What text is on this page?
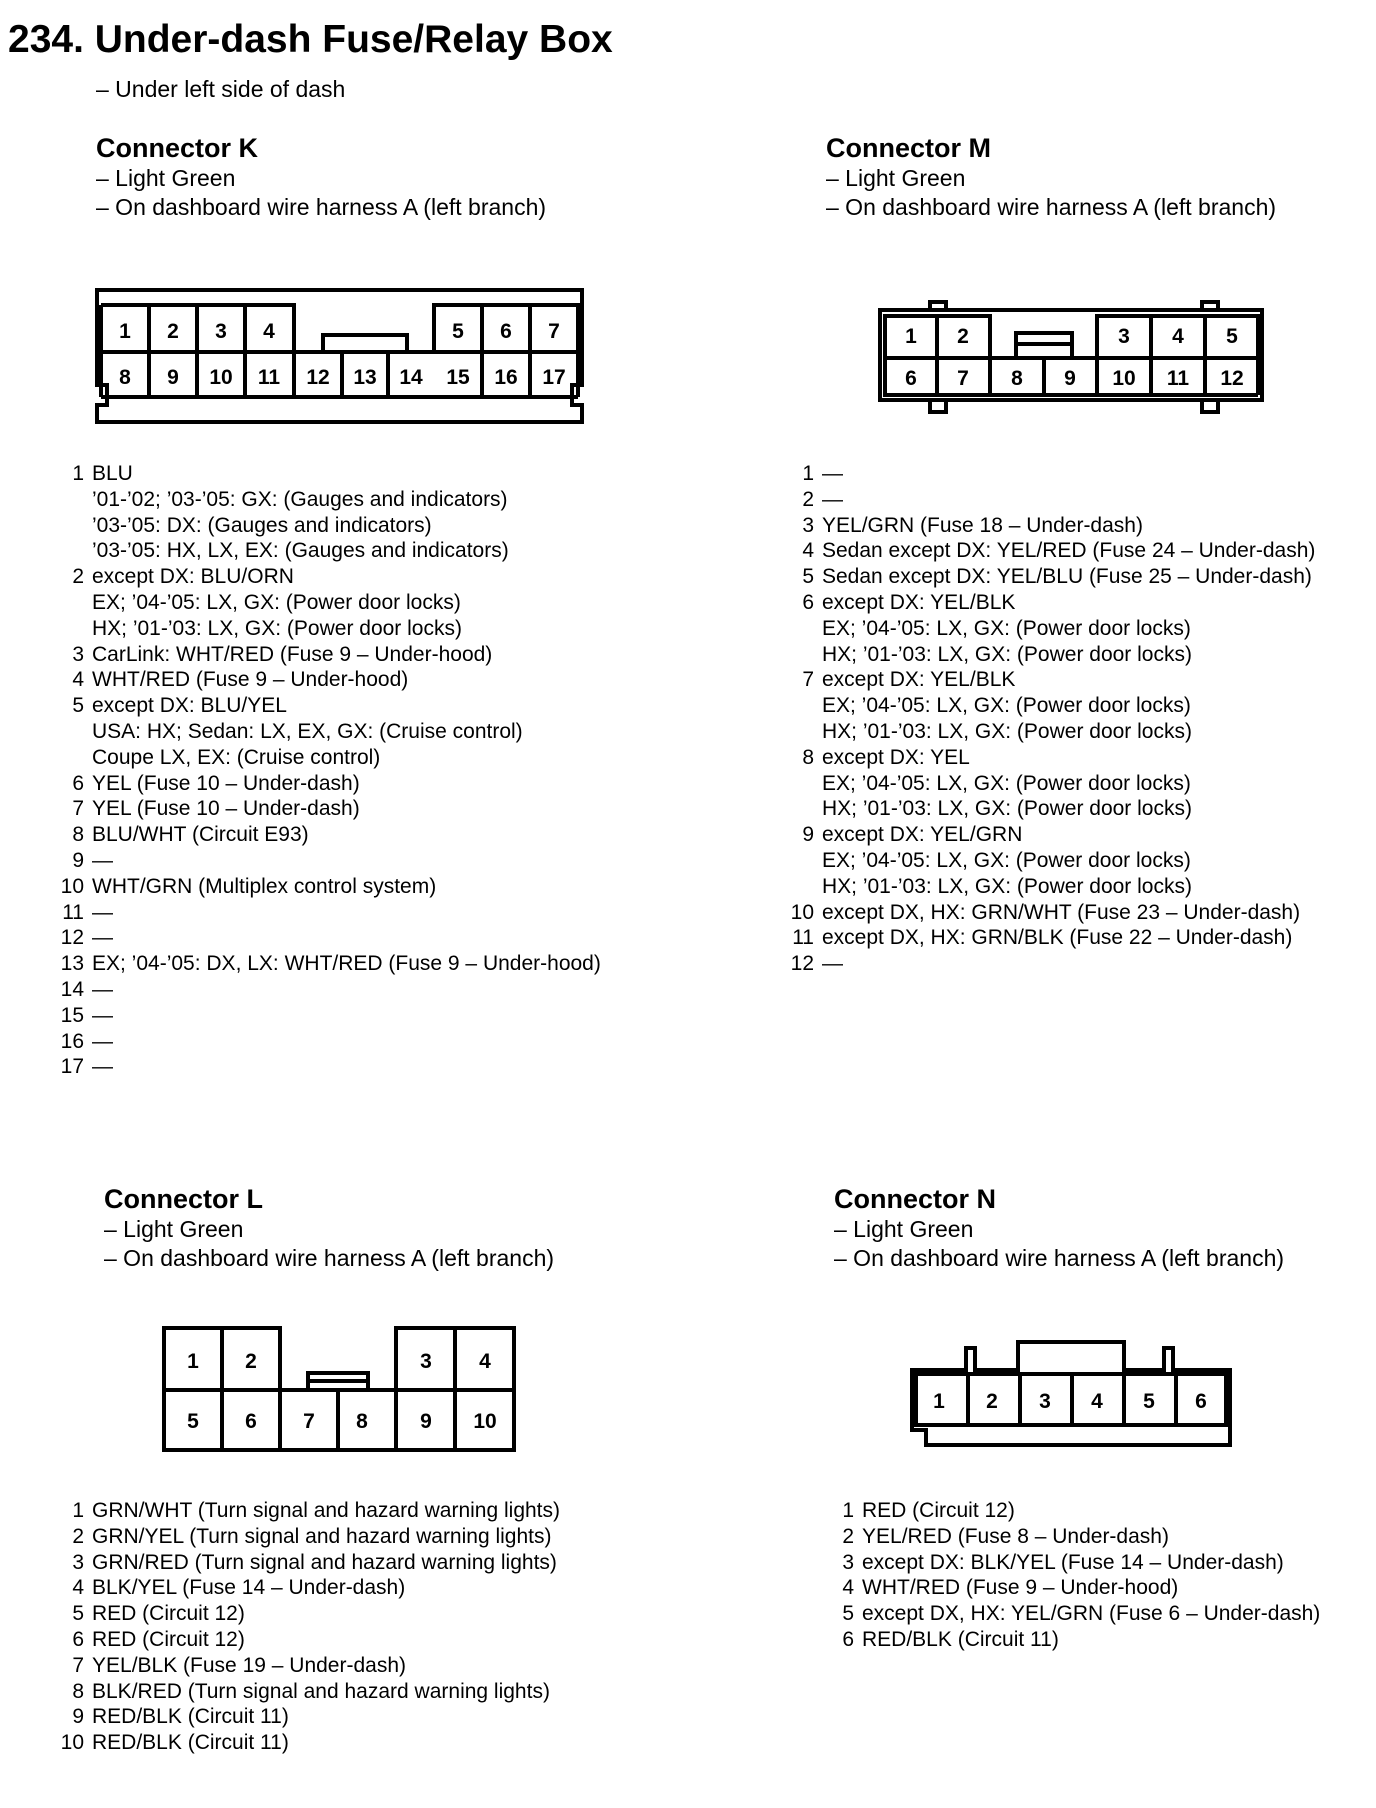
234. Under-dash Fuse/Relay Box
– Under left side of dash
Connector K
– Light Green
– On dashboard wire harness A (left branch)
1 2 3 4	5 6 7
8 9 10 11 12 13 14 15 16 17
1 2	3 4 5
6 7 8 9 10 11 12
1 2	3 4
5 6 7 8 9 10
1 2 3 4 5 6
1 BLU
’01-’02; ’03-’05: GX: (Gauges and indicators)
’03-’05: DX: (Gauges and indicators)
’03-’05: HX, LX, EX: (Gauges and indicators)
2 except DX: BLU/ORN
EX; ’04-’05: LX, GX: (Power door locks)
HX; ’01-’03: LX, GX: (Power door locks)
3 CarLink: WHT/RED (Fuse 9 – Under-hood)
4 WHT/RED (Fuse 9 – Under-hood)
5 except DX: BLU/YEL
USA: HX; Sedan: LX, EX, GX: (Cruise control)
Coupe LX, EX: (Cruise control)
6 YEL (Fuse 10 – Under-dash)
7 YEL (Fuse 10 – Under-dash)
8 BLU/WHT (Circuit E93)
9 —
10 WHT/GRN (Multiplex control system)
11 —
12 —
13 EX; ’04-’05: DX, LX: WHT/RED (Fuse 9 – Under-hood)
14 —
15 —
16 —
17 —
Connector M
– Light Green
– On dashboard wire harness A (left branch)
1 —
2 —
3 YEL/GRN (Fuse 18 – Under-dash)
4 Sedan except DX: YEL/RED (Fuse 24 – Under-dash)
5 Sedan except DX: YEL/BLU (Fuse 25 – Under-dash)
6 except DX: YEL/BLK
EX; ’04-’05: LX, GX: (Power door locks)
HX; ’01-’03: LX, GX: (Power door locks)
7 except DX: YEL/BLK
EX; ’04-’05: LX, GX: (Power door locks)
HX; ’01-’03: LX, GX: (Power door locks)
8 except DX: YEL
EX; ’04-’05: LX, GX: (Power door locks)
HX; ’01-’03: LX, GX: (Power door locks)
9 except DX: YEL/GRN
EX; ’04-’05: LX, GX: (Power door locks)
HX; ’01-’03: LX, GX: (Power door locks)
10 except DX, HX: GRN/WHT (Fuse 23 – Under-dash)
11 except DX, HX: GRN/BLK (Fuse 22 – Under-dash)
12 —
Connector L
– Light Green
– On dashboard wire harness A (left branch)
1 GRN/WHT (Turn signal and hazard warning lights)
2 GRN/YEL (Turn signal and hazard warning lights)
3 GRN/RED (Turn signal and hazard warning lights)
4 BLK/YEL (Fuse 14 – Under-dash)
5 RED (Circuit 12)
6 RED (Circuit 12)
7 YEL/BLK (Fuse 19 – Under-dash)
8 BLK/RED (Turn signal and hazard warning lights)
9 RED/BLK (Circuit 11)
10 RED/BLK (Circuit 11)
Connector N
– Light Green
– On dashboard wire harness A (left branch)
1 RED (Circuit 12)
2 YEL/RED (Fuse 8 – Under-dash)
3 except DX: BLK/YEL (Fuse 14 – Under-dash)
4 WHT/RED (Fuse 9 – Under-hood)
5 except DX, HX: YEL/GRN (Fuse 6 – Under-dash)
6 RED/BLK (Circuit 11)
